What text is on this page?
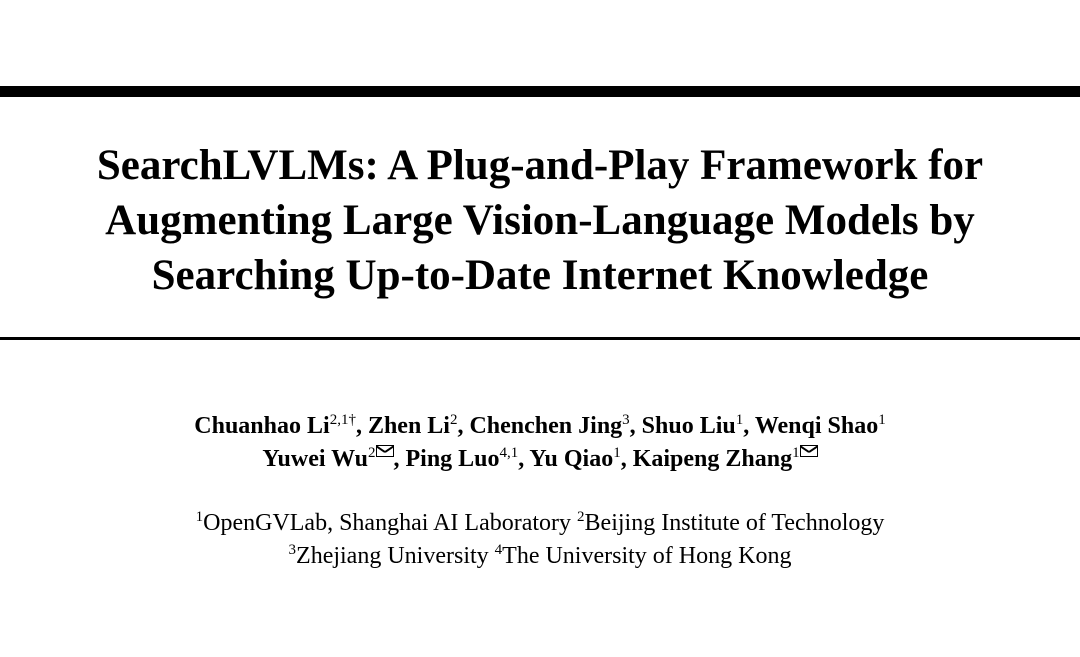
SearchLVLMs: A Plug-and-Play Framework for
Augmenting Large Vision-Language Models by
Searching Up-to-Date Internet Knowledge
Chuanhao $Li^{2,1\dagger}$, Zhen Li$^2$, Chenchen Jing$^3$, Shuo Liu$^1$, Wenqi Shao$^1$
Yuwei Wu$^2$ , Ping Luo$^{4,1}$, Yu Qiao$^1$, Kaipeng Zhang$^1$
$^1$OpenGVLab, Shanghai AI Laboratory $^2$Beijing Institute of Technology
$^3$Zhejiang University $^4$The University of Hong Kong
